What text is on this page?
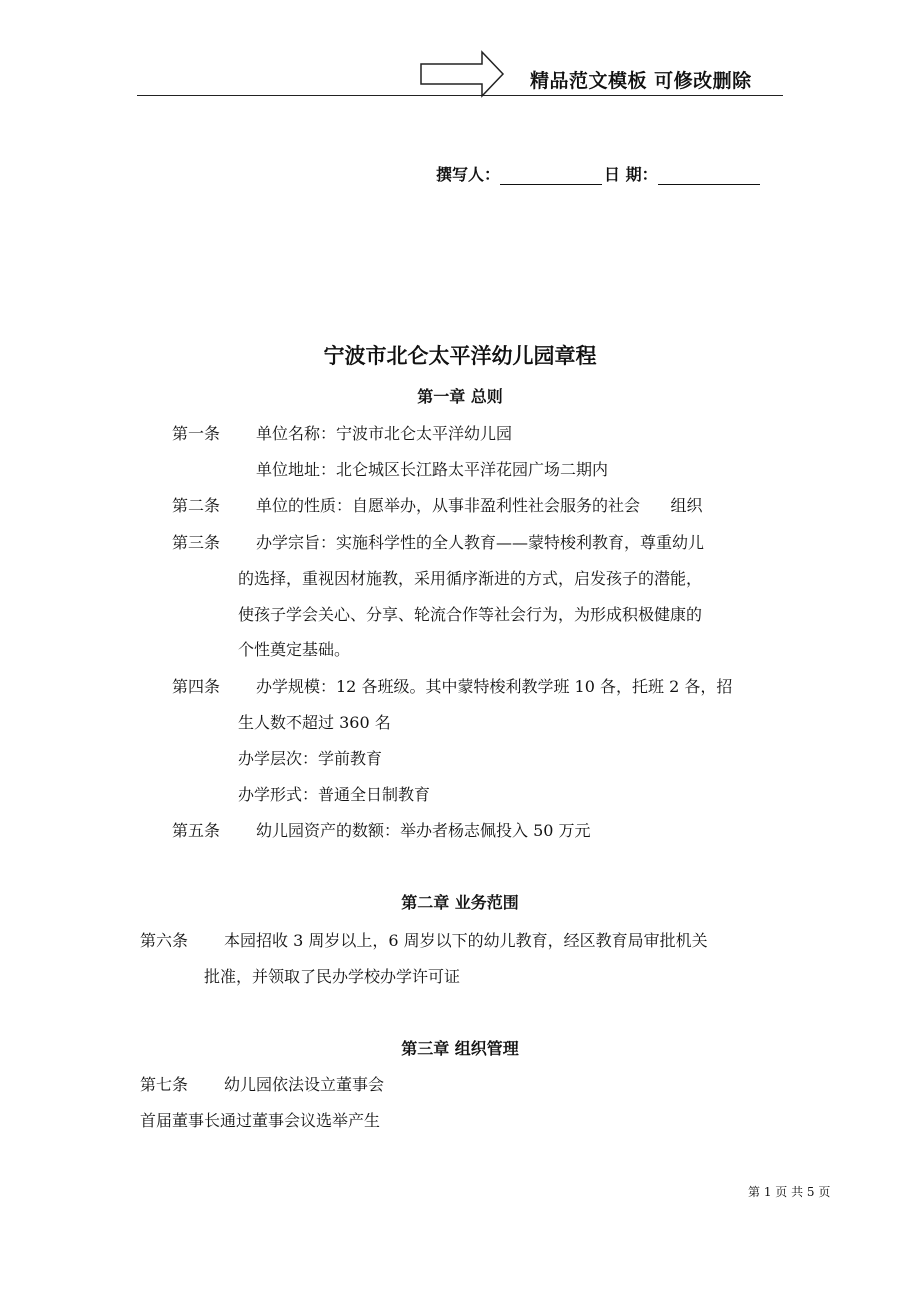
精品范文模板 可修改删除
撰写人：	日 期：
宁波市北仑太平洋幼儿园章程
第一章 总则
第一条 单位名称：宁波市北仑太平洋幼儿园
单位地址：北仑城区长江路太平洋花园广场二期内
第二条 单位的性质：自愿举办，从事非盈利性社会服务的社会      组织
第三条 办学宗旨：实施科学性的全人教育——蒙特梭利教育，尊重幼儿
的选择，重视因材施教，采用循序渐进的方式，启发孩子的潜能，
使孩子学会关心、分享、轮流合作等社会行为，为形成积极健康的
个性奠定基础。
第四条 办学规模：12 各班级。其中蒙特梭利教学班 10 各，托班 2 各，招
生人数不超过 360 名
办学层次：学前教育
办学形式：普通全日制教育
第五条 幼儿园资产的数额：举办者杨志佩投入 50 万元
第二章 业务范围
第六条 本园招收 3 周岁以上，6 周岁以下的幼儿教育，经区教育局审批机关
批准，并领取了民办学校办学许可证
第三章 组织管理
第七条 幼儿园依法设立董事会
首届董事长通过董事会议选举产生
第 1 页 共 5 页
